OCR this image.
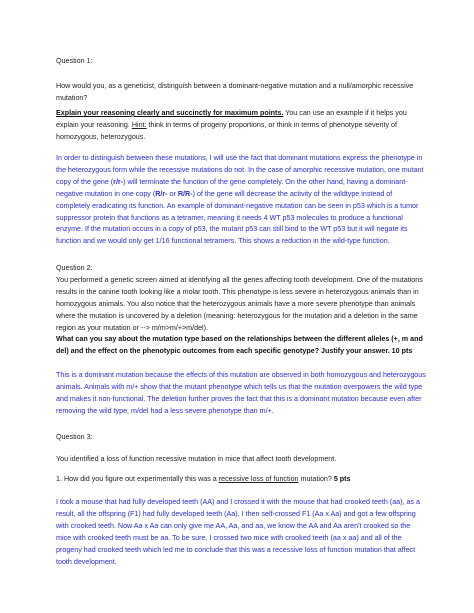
Question 1:

How would you, as a geneticist, distinguish between a dominant-negative mutation and a null/amorphic recessive mutation?

Explain your reasoning clearly and succinctly for maximum points. You can use an example if it helps you explain your reasoning. Hint: think in terms of progeny proportions, or think in terms of phenotype severity of homozygous, heterozygous.

In order to distinguish between these mutations, I will use the fact that dominant mutations express the phenotype in the heterozygous form while the recessive mutations do not. In the case of amorphic recessive mutation, one mutant copy of the gene (r/r-) will terminate the function of the gene completely. On the other hand, having a dominant-negative mutation in one copy (R/r- or R/R-) of the gene will decrease the activity of the wildtype instead of completely eradicating its function. An example of dominant-negative mutation can be seen in p53 which is a tumor suppressor protein that functions as a tetramer, meaning it needs 4 WT p53 molecules to produce a functional enzyme. If the mutation occurs in a copy of p53, the mutant p53 can still bind to the WT p53 but it will negate its function and we would only get 1/16 functional tetramers. This shows a reduction in the wild-type function.

Question 2:

You performed a genetic screen aimed at identifying all the genes affecting tooth development. One of the mutations results in the canine tooth looking like a molar tooth. This phenotype is less severe in heterozygous animals than in homozygous animals. You also notice that the heterozygous animals have a more severe phenotype than animals where the mutation is uncovered by a deletion (meaning: heterozygous for the mutation and a deletion in the same region as your mutation or --> m/m>m/+>m/del).

What can you say about the mutation type based on the relationships between the different alleles (+, m and del) and the effect on the phenotypic outcomes from each specific genotype? Justify your answer. 10 pts

This is a dominant mutation because the effects of this mutation are observed in both homozygous and heterozygous animals. Animals with m/+ show that the mutant phenotype which tells us that the mutation overpowers the wild type and makes it non-functional. The deletion further proves the fact that this is a dominant mutation because even after removing the wild type, m/del had a less severe phenotype than m/+.

Question 3:

You identified a loss of function recessive mutation in mice that affect tooth development.

1. How did you figure out experimentally this was a recessive loss of function mutation? 5 pts

I took a mouse that had fully developed teeth (AA) and I crossed it with the mouse that had crooked teeth (aa), as a result, all the offspring (F1) had fully developed teeth (Aa). I then self-crossed F1 (Aa x Aa) and got a few offspring with crooked teeth. Now Aa x Aa can only give me AA, Aa, and aa, we know the AA and Aa aren't crooked so the mice with crooked teeth must be aa. To be sure, I crossed two mice with crooked teeth (aa x aa) and all of the progeny had crooked teeth which led me to conclude that this was a recessive loss of function mutation that affect tooth development.
